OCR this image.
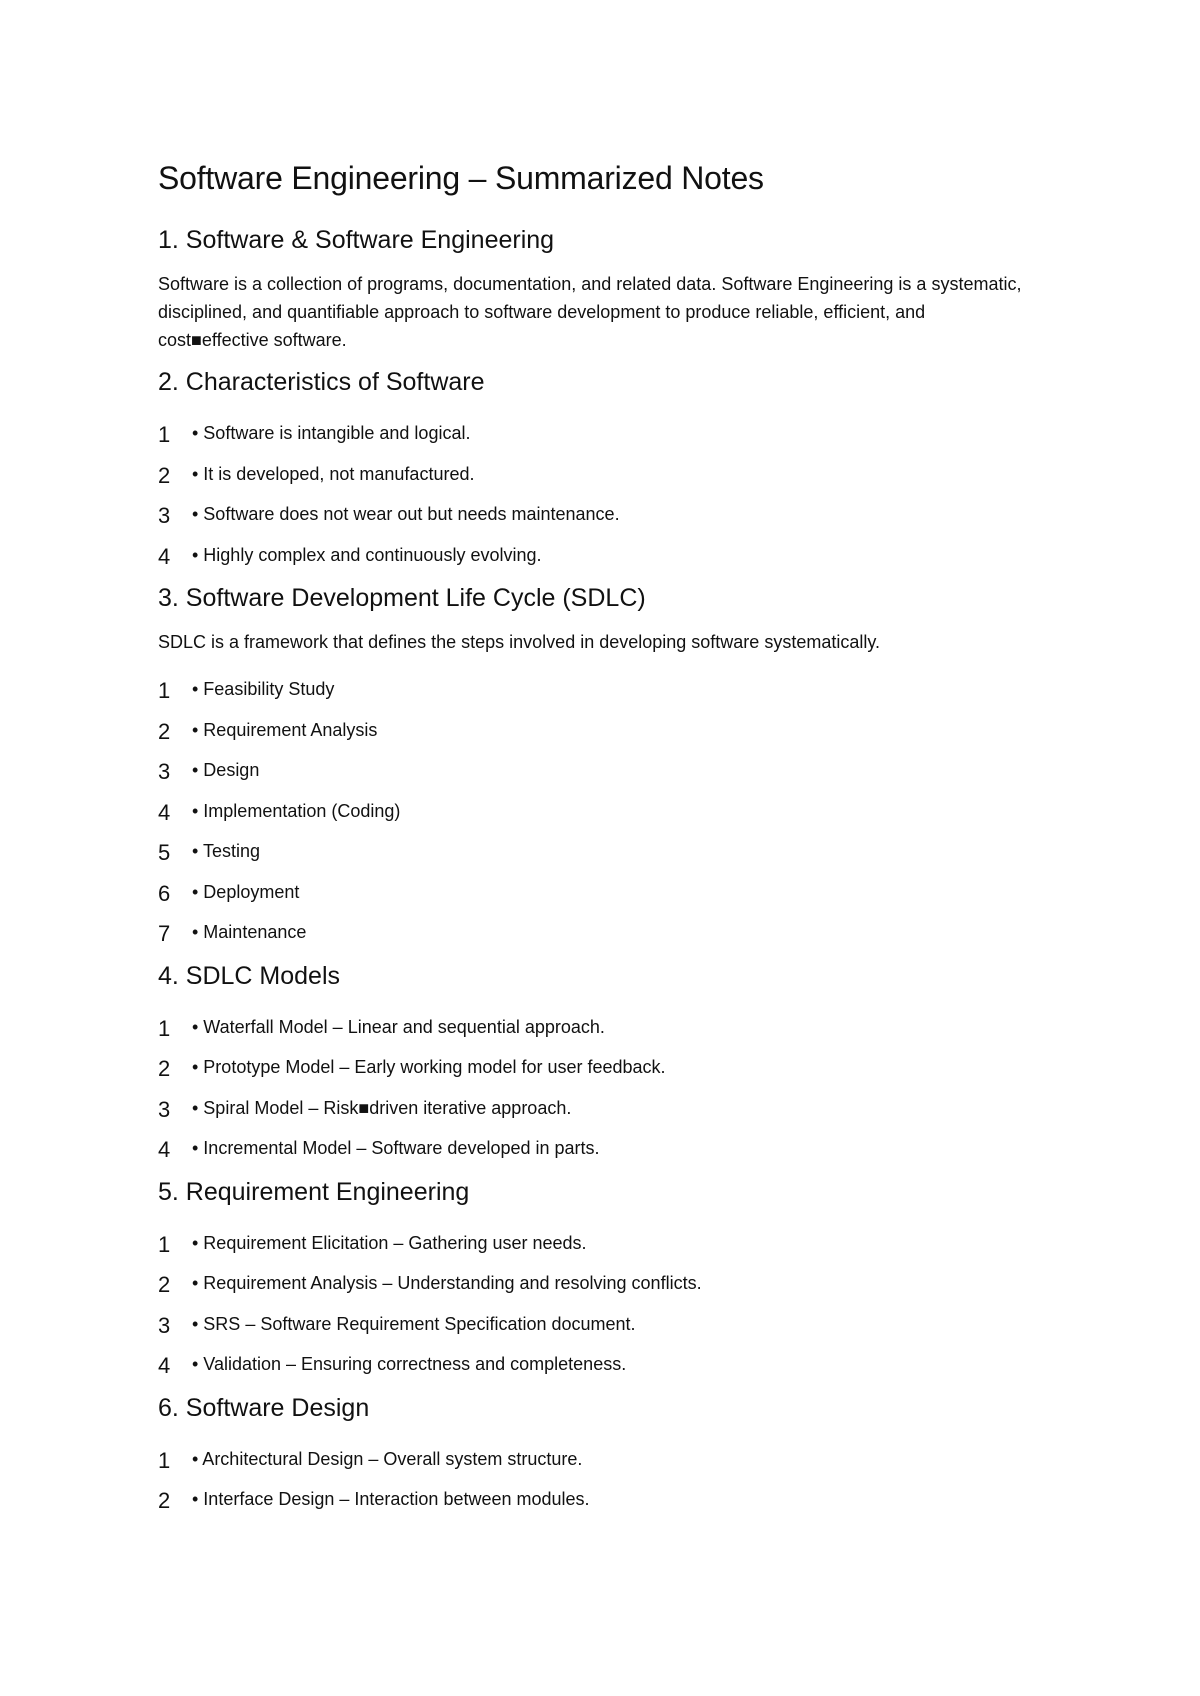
Software Engineering – Summarized Notes
1. Software & Software Engineering

Software is a collection of programs, documentation, and related data. Software Engineering is a systematic, disciplined, and quantifiable approach to software development to produce reliable, efficient, and cost■effective software.

2. Characteristics of Software
1	• Software is intangible and logical.
2	• It is developed, not manufactured.
3	• Software does not wear out but needs maintenance.
4	• Highly complex and continuously evolving.
3. Software Development Life Cycle (SDLC)

SDLC is a framework that defines the steps involved in developing software systematically.

1	• Feasibility Study
2	• Requirement Analysis
3	• Design
4	• Implementation (Coding)
5	• Testing
6	• Deployment
7	• Maintenance
4. SDLC Models
1	• Waterfall Model – Linear and sequential approach.
2	• Prototype Model – Early working model for user feedback.
3	• Spiral Model – Risk■driven iterative approach.
4	• Incremental Model – Software developed in parts.
5. Requirement Engineering
1	• Requirement Elicitation – Gathering user needs.
2	• Requirement Analysis – Understanding and resolving conflicts.
3	• SRS – Software Requirement Specification document.
4	• Validation – Ensuring correctness and completeness.
6. Software Design
1	• Architectural Design – Overall system structure.
2	• Interface Design – Interaction between modules.
